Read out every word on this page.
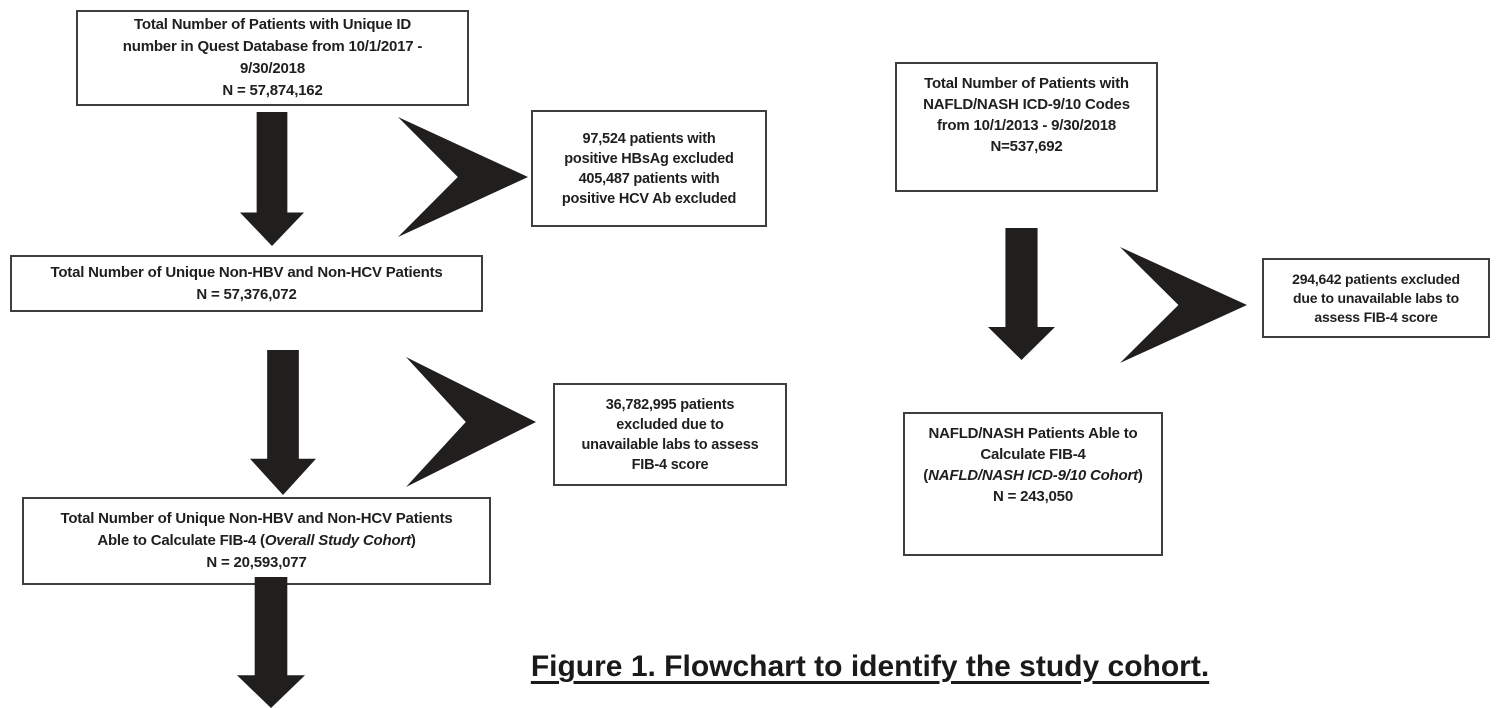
Total Number of Patients with Unique ID
number in Quest Database from 10/1/2017 -
9/30/2018
N = 57,874,162
97,524 patients with
positive HBsAg excluded
405,487 patients with
positive HCV Ab excluded
Total Number of Unique Non-HBV and Non-HCV Patients
N = 57,376,072
36,782,995 patients
excluded due to
unavailable labs to assess
FIB-4 score
Total Number of Unique Non-HBV and Non-HCV Patients
Able to Calculate FIB-4 (Overall Study Cohort)
N = 20,593,077
Total Number of Patients with
NAFLD/NASH ICD-9/10 Codes
from 10/1/2013 - 9/30/2018
N=537,692
294,642 patients excluded
due to unavailable labs to
assess FIB-4 score
NAFLD/NASH Patients Able to
Calculate FIB-4
(NAFLD/NASH ICD-9/10 Cohort)
N = 243,050
Figure 1. Flowchart to identify the study cohort.
